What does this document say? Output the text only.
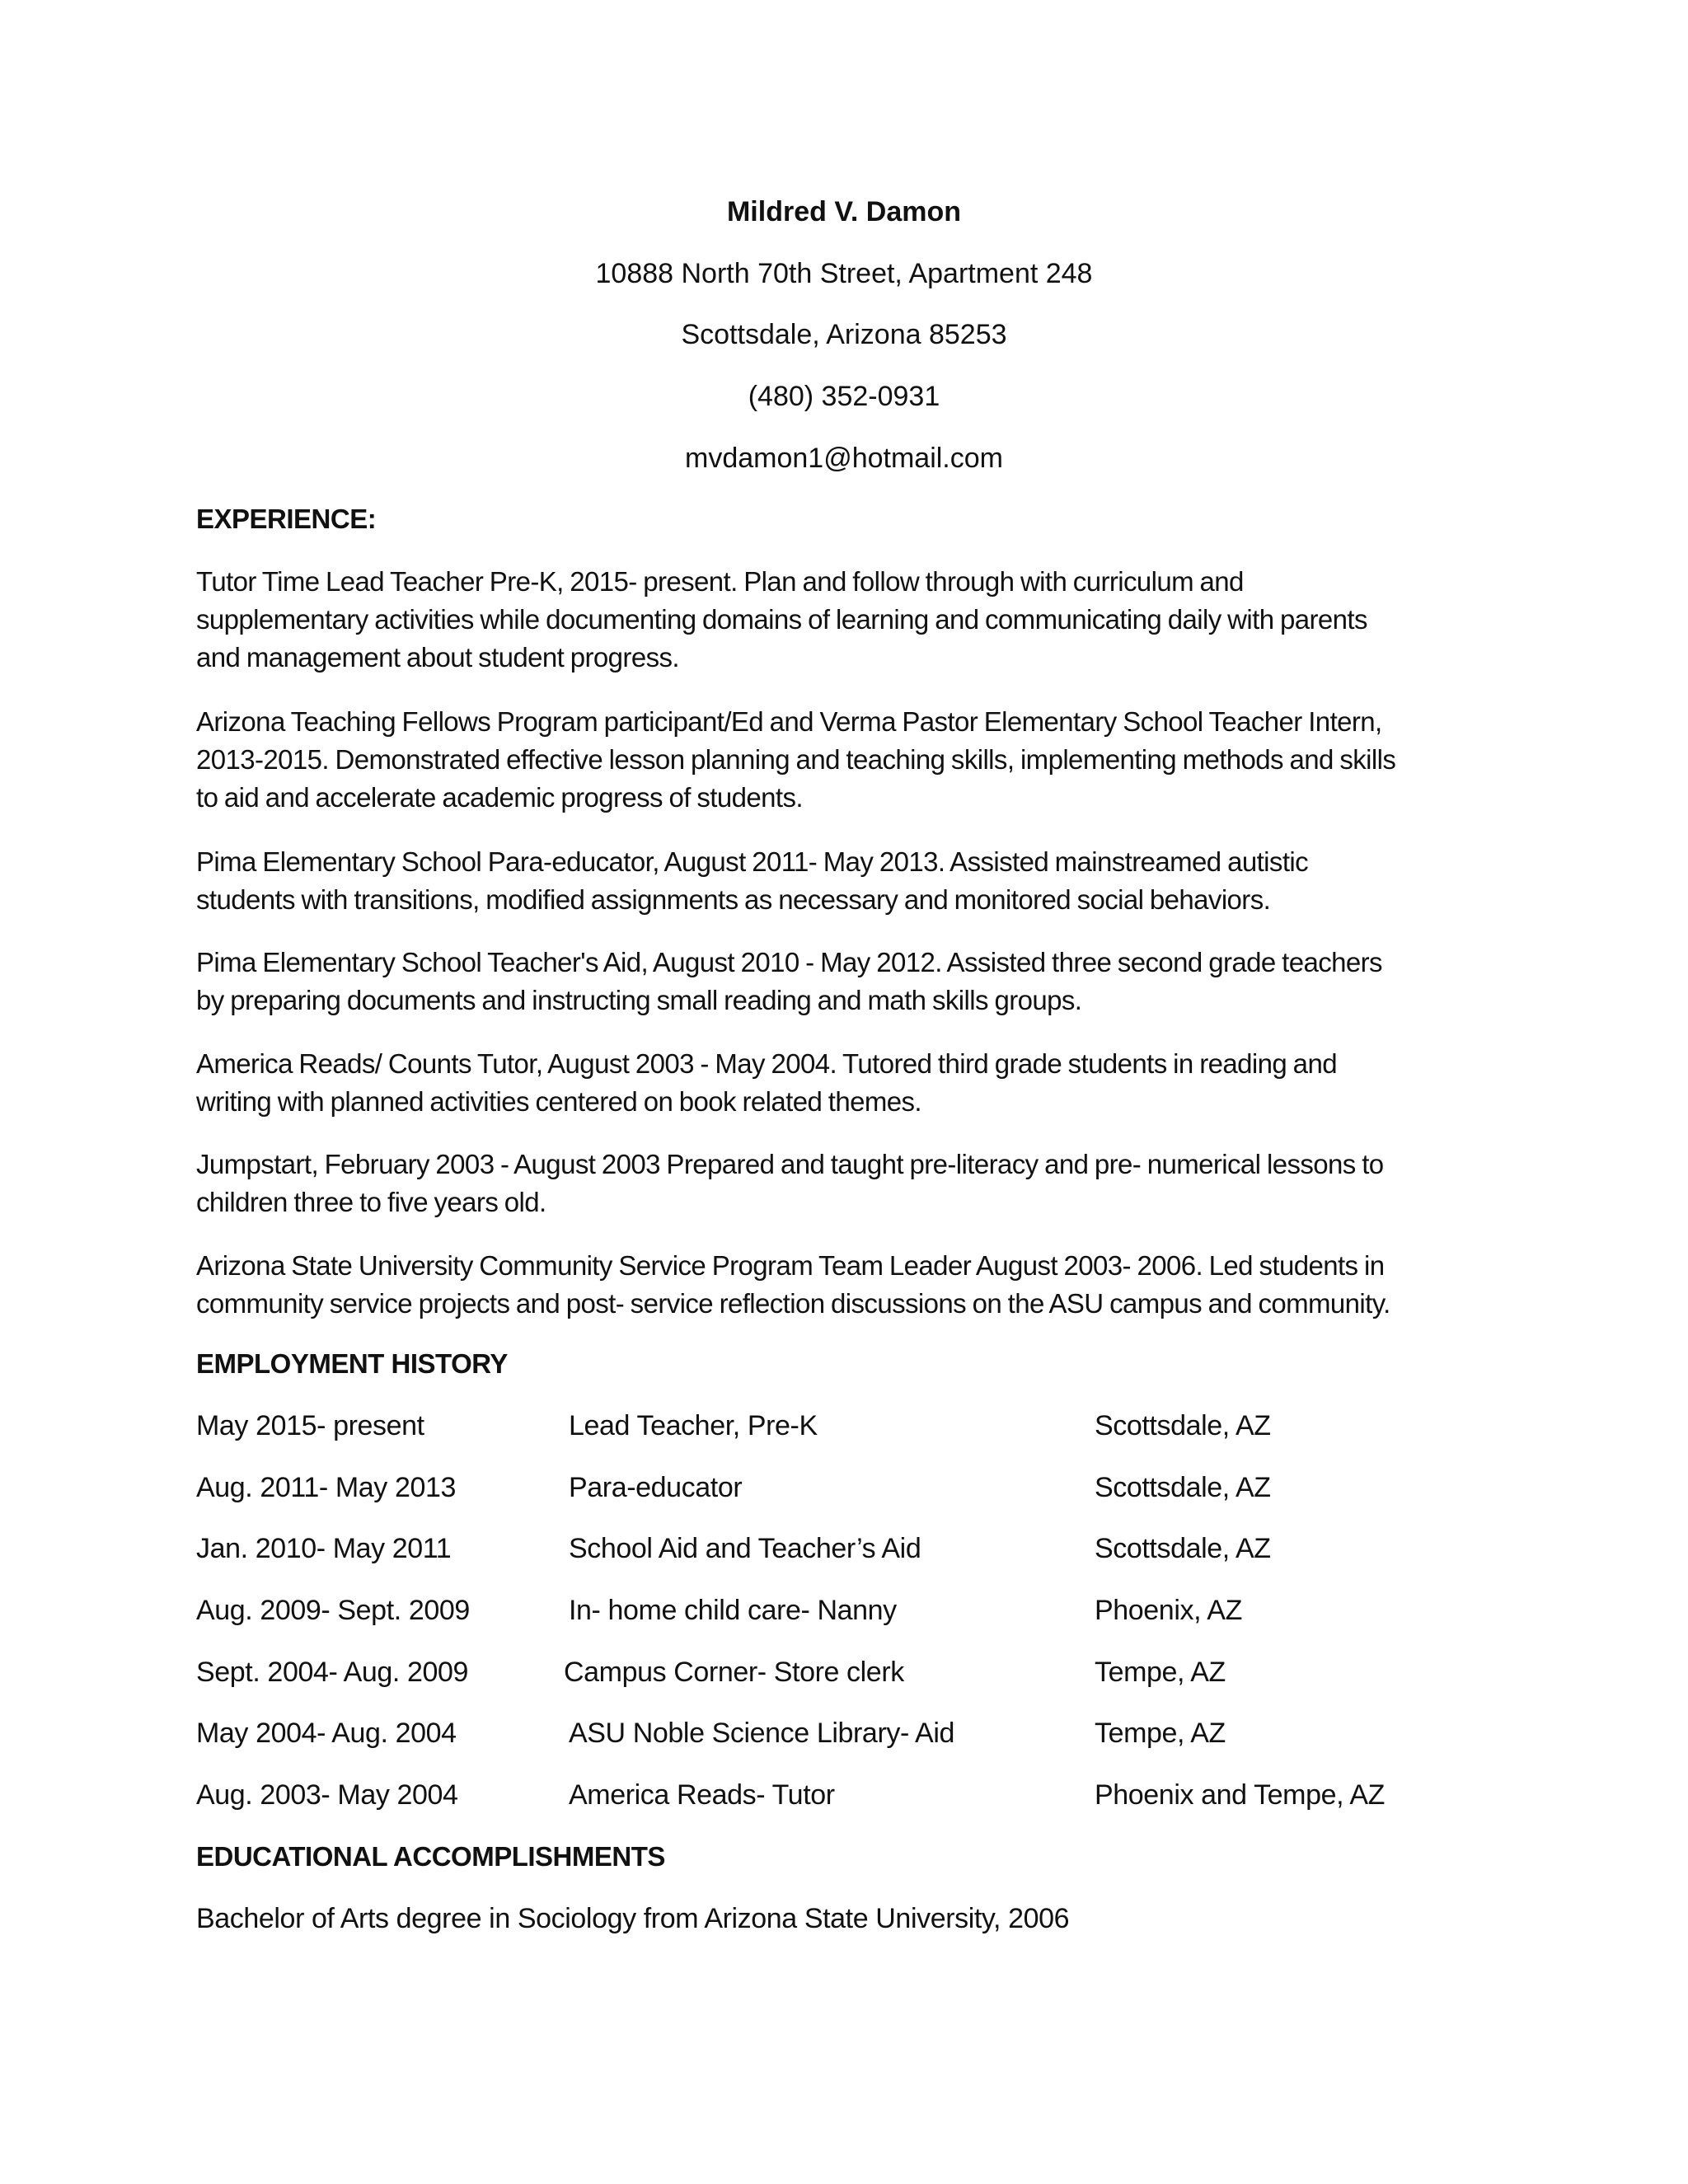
Mildred V. Damon
10888 North 70th Street, Apartment 248
Scottsdale, Arizona 85253
(480) 352-0931
mvdamon1@hotmail.com
EXPERIENCE:
Tutor Time Lead Teacher Pre-K, 2015- present. Plan and follow through with curriculum and
supplementary activities while documenting domains of learning and communicating daily with parents
and management about student progress.
Arizona Teaching Fellows Program participant/Ed and Verma Pastor Elementary School Teacher Intern,
2013-2015. Demonstrated effective lesson planning and teaching skills, implementing methods and skills
to aid and accelerate academic progress of students.
Pima Elementary School Para-educator, August 2011- May 2013. Assisted mainstreamed autistic
students with transitions, modified assignments as necessary and monitored social behaviors.
Pima Elementary School Teacher's Aid, August 2010 - May 2012. Assisted three second grade teachers
by preparing documents and instructing small reading and math skills groups.
America Reads/ Counts Tutor, August 2003 - May 2004. Tutored third grade students in reading and
writing with planned activities centered on book related themes.
Jumpstart, February 2003 - August 2003 Prepared and taught pre-literacy and pre- numerical lessons to
children three to five years old.
Arizona State University Community Service Program Team Leader August 2003- 2006. Led students in
community service projects and post- service reflection discussions on the ASU campus and community.
EMPLOYMENT HISTORY
May 2015- present	Lead Teacher, Pre-K	Scottsdale, AZ
Aug. 2011- May 2013	Para-educator	Scottsdale, AZ
Jan. 2010- May 2011	School Aid and Teacher’s Aid	Scottsdale, AZ
Aug. 2009- Sept. 2009	In- home child care- Nanny	Phoenix, AZ
Sept. 2004- Aug. 2009	Campus Corner- Store clerk	Tempe, AZ
May 2004- Aug. 2004	ASU Noble Science Library- Aid	Tempe, AZ
Aug. 2003- May 2004	America Reads- Tutor	Phoenix and Tempe, AZ
EDUCATIONAL ACCOMPLISHMENTS
Bachelor of Arts degree in Sociology from Arizona State University, 2006
